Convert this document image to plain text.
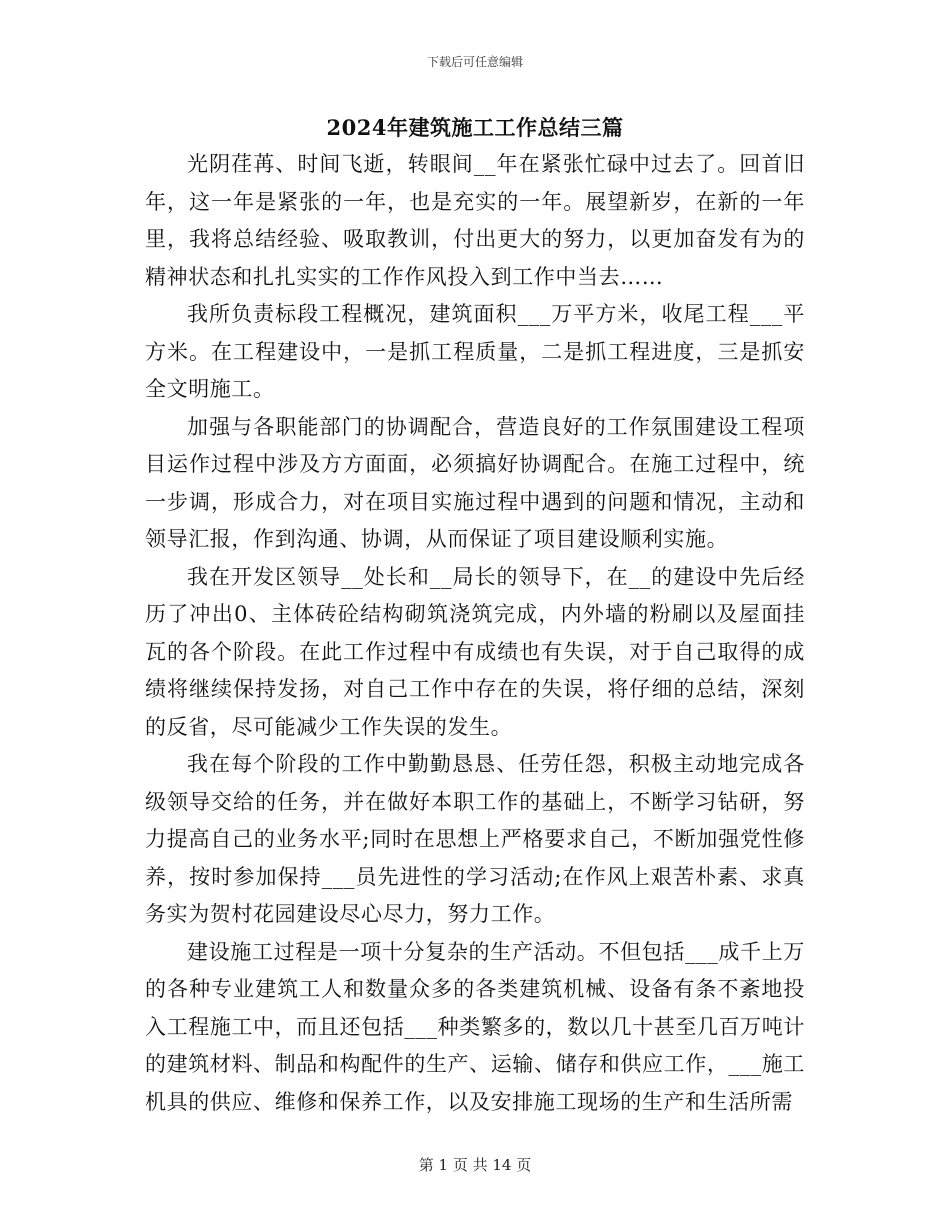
下载后可任意编辑
2024年建筑施工工作总结三篇

光阴荏苒、时间飞逝，转眼间__年在紧张忙碌中过去了。回首旧年，这一年是紧张的一年，也是充实的一年。展望新岁，在新的一年里，我将总结经验、吸取教训，付出更大的努力，以更加奋发有为的精神状态和扎扎实实的工作作风投入到工作中当去……

我所负责标段工程概况，建筑面积___万平方米，收尾工程___平方米。在工程建设中，一是抓工程质量，二是抓工程进度，三是抓安全文明施工。

加强与各职能部门的协调配合，营造良好的工作氛围建设工程项目运作过程中涉及方方面面，必须搞好协调配合。在施工过程中，统一步调，形成合力，对在项目实施过程中遇到的问题和情况，主动和领导汇报，作到沟通、协调，从而保证了项目建设顺利实施。

我在开发区领导__处长和__局长的领导下，在__的建设中先后经历了冲出0、主体砖砼结构砌筑浇筑完成，内外墙的粉刷以及屋面挂瓦的各个阶段。在此工作过程中有成绩也有失误，对于自己取得的成绩将继续保持发扬，对自己工作中存在的失误，将仔细的总结，深刻的反省，尽可能减少工作失误的发生。

我在每个阶段的工作中勤勤恳恳、任劳任怨，积极主动地完成各级领导交给的任务，并在做好本职工作的基础上，不断学习钻研，努力提高自己的业务水平;同时在思想上严格要求自己，不断加强党性修养，按时参加保持___员先进性的学习活动;在作风上艰苦朴素、求真务实为贺村花园建设尽心尽力，努力工作。

建设施工过程是一项十分复杂的生产活动。不但包括___成千上万的各种专业建筑工人和数量众多的各类建筑机械、设备有条不紊地投入工程施工中，而且还包括___种类繁多的，数以几十甚至几百万吨计的建筑材料、制品和构配件的生产、运输、储存和供应工作，___施工机具的供应、维修和保养工作，以及安排施工现场的生产和生活所需

第 1 页 共 14 页
